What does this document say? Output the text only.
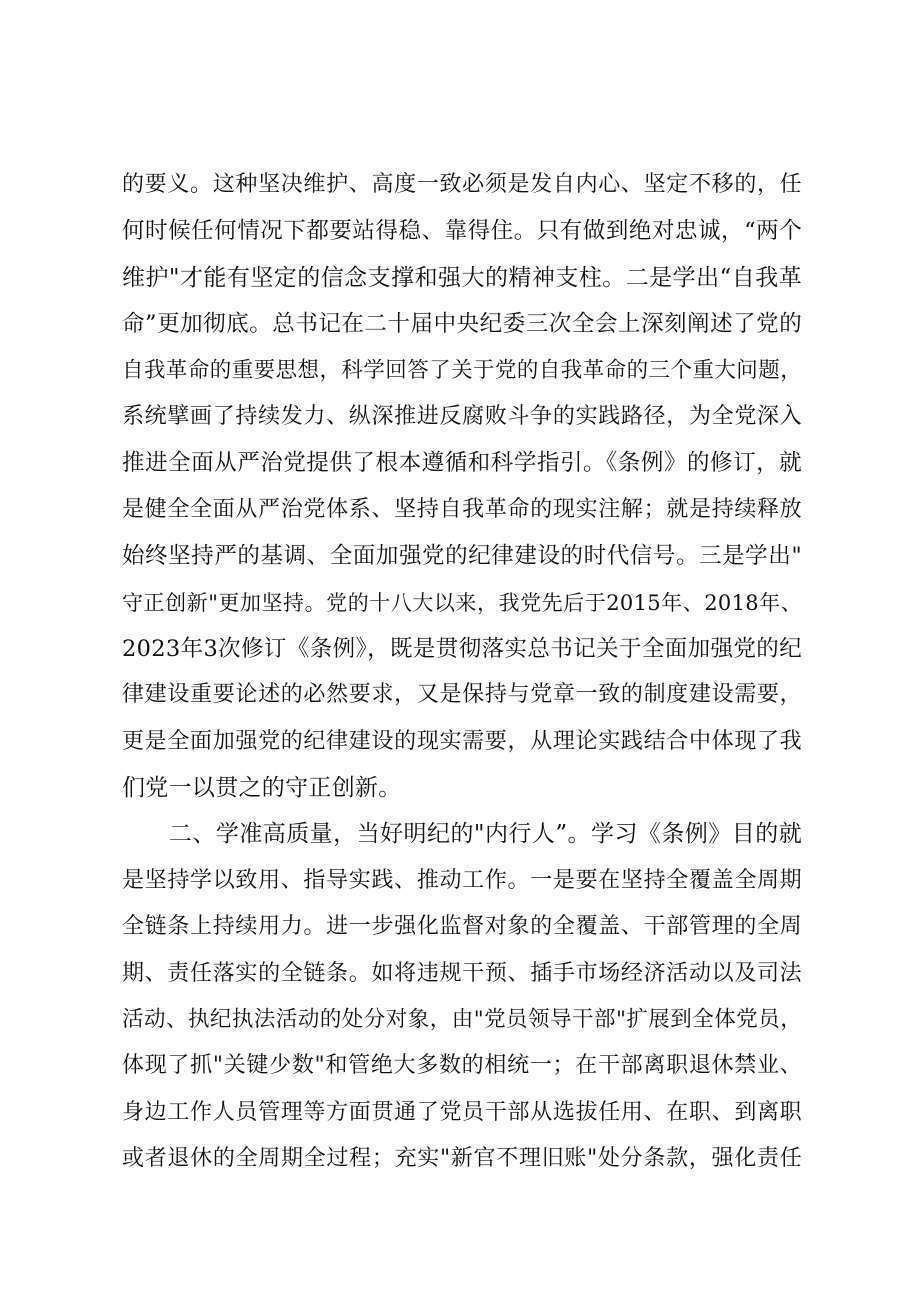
的要义。这种坚决维护、高度一致必须是发自内心、坚定不移的，任
何时候任何情况下都要站得稳、靠得住。只有做到绝对忠诚，“两个
维护"才能有坚定的信念支撑和强大的精神支柱。二是学出“自我革
命”更加彻底。总书记在二十届中央纪委三次全会上深刻阐述了党的
自我革命的重要思想，科学回答了关于党的自我革命的三个重大问题，
系统擘画了持续发力、纵深推进反腐败斗争的实践路径，为全党深入
推进全面从严治党提供了根本遵循和科学指引。《条例》的修订，就
是健全全面从严治党体系、坚持自我革命的现实注解；就是持续释放
始终坚持严的基调、全面加强党的纪律建设的时代信号。三是学出"
守正创新"更加坚持。党的十八大以来，我党先后于2015年、2018年、
2023年3次修订《条例》，既是贯彻落实总书记关于全面加强党的纪
律建设重要论述的必然要求，又是保持与党章一致的制度建设需要，
更是全面加强党的纪律建设的现实需要，从理论实践结合中体现了我
们党一以贯之的守正创新。
　　二、学准高质量，当好明纪的"内行人”。学习《条例》目的就
是坚持学以致用、指导实践、推动工作。一是要在坚持全覆盖全周期
全链条上持续用力。进一步强化监督对象的全覆盖、干部管理的全周
期、责任落实的全链条。如将违规干预、插手市场经济活动以及司法
活动、执纪执法活动的处分对象，由"党员领导干部"扩展到全体党员，
体现了抓"关键少数"和管绝大多数的相统一；在干部离职退休禁业、
身边工作人员管理等方面贯通了党员干部从选拔任用、在职、到离职
或者退休的全周期全过程；充实"新官不理旧账"处分条款，强化责任
